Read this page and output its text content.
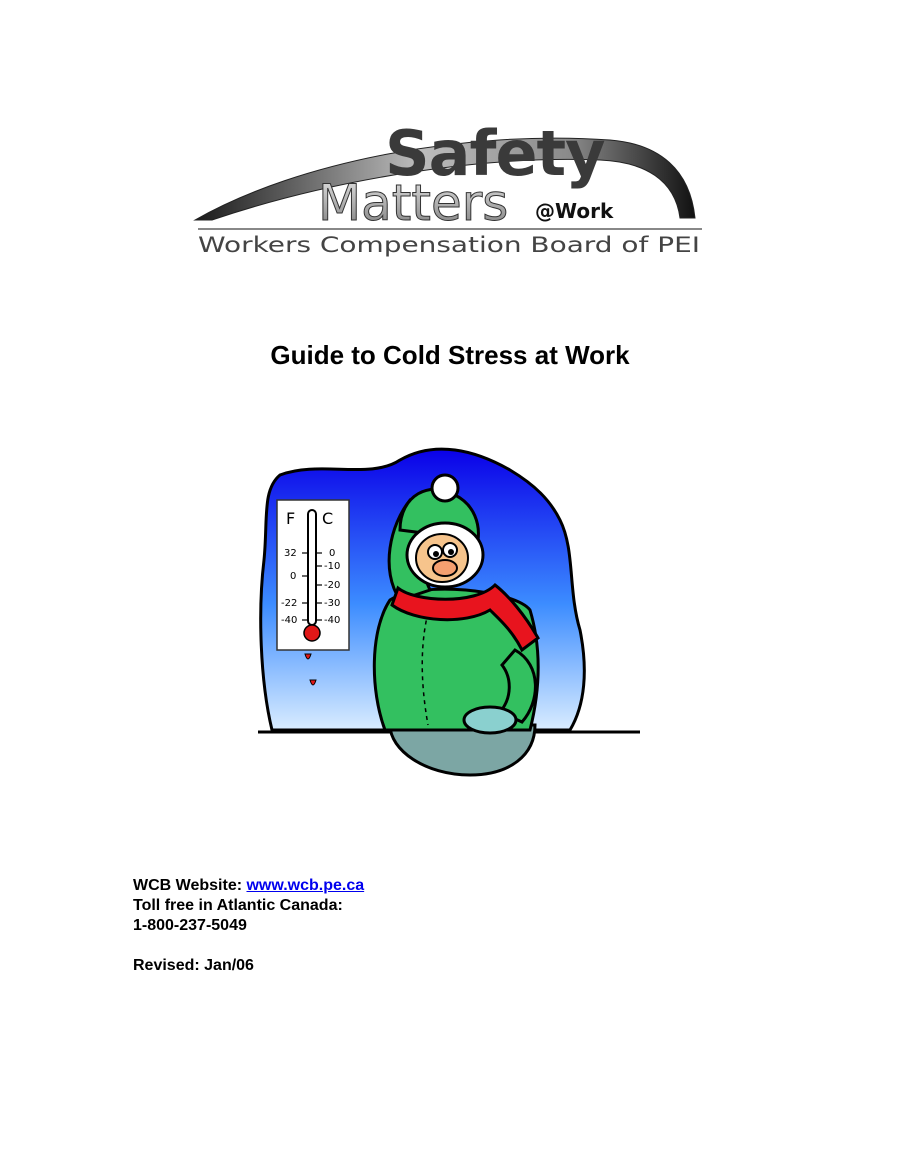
Safety
Matters @Work
Workers Compensation Board of PEI
Guide to Cold Stress at Work
F C
32
0
-22
-40
0
-10
-20
-30
-40
WCB Website: www.wcb.pe.ca
Toll free in Atlantic Canada:
1-800-237-5049
Revised: Jan/06
